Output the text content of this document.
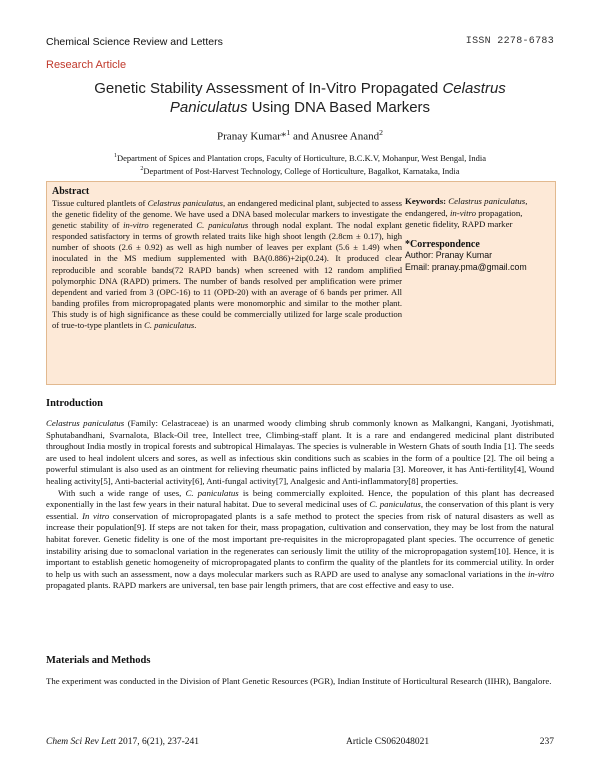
Chemical Science Review and Letters	ISSN 2278-6783
Research Article
Genetic Stability Assessment of In-Vitro Propagated Celastrus
Paniculatus Using DNA Based Markers
Pranay Kumar*$^1$ and Anusree Anand$^2$
$^1$Department of Spices and Plantation crops, Faculty of Horticulture, B.C.K.V, Mohanpur, West Bengal, India
$^2$Department of Post-Harvest Technology, College of Horticulture, Bagalkot, Karnataka, India
Abstract
Tissue cultured plantlets of Celastrus paniculatus, an endangered medicinal plant, subjected to assess the genetic fidelity of the genome. We have used a DNA based molecular markers to investigate the genetic stability of in-vitro regenerated C. paniculatus through nodal explant. The nodal explant responded satisfactory in terms of growth related traits like high shoot length (2.8cm ± 0.17), high number of shoots (2.6 ± 0.92) as well as high number of leaves per explant (5.6 ± 1.49) when inoculated in the MS medium supplemented with BA(0.886)+2ip(0.24). It produced clear reproducible and scorable bands(72 RAPD bands) when screened with 12 random amplified polymorphic DNA (RAPD) primers. The number of bands resolved per amplification were primer dependent and varied from 3 (OPC-16) to 11 (OPD-20) with an average of 6 bands per primer. All banding profiles from micropropagated plants were monomorphic and similar to the mother plant. This study is of high significance as these could be commercially utilized for large scale production of true-to-type plantlets in C. paniculatus.
Keywords: Celastrus paniculatus, endangered, in-vitro propagation, genetic fidelity, RAPD marker
*Correspondence
Author: Pranay Kumar
Email: pranay.pma@gmail.com
Introduction
Celastrus paniculatus (Family: Celastraceae) is an unarmed woody climbing shrub commonly known as Malkangni, Kangani, Jyotishmati, Sphutabandhani, Svarnalota, Black-Oil tree, Intellect tree, Climbing-staff plant. It is a rare and endangered medicinal plant distributed throughout India mostly in tropical forests and subtropical Himalayas. The species is vulnerable in Western Ghats of south India [1]. The seeds are used to heal indolent ulcers and sores, as well as infectious skin conditions such as scabies in the form of a poultice [2]. The oil being a powerful stimulant is also used as an ointment for relieving rheumatic pains inflicted by malaria [3]. Moreover, it has Anti-fertility[4], Wound healing activity[5], Anti-bacterial activity[6], Anti-fungal activity[7], Analgesic and Anti-inflammatory[8] properties.
With such a wide range of uses, C. paniculatus is being commercially exploited. Hence, the population of this plant has decreased exponentially in the last few years in their natural habitat. Due to several medicinal uses of C. paniculatus, the conservation of this plant is very essential. In vitro conservation of micropropagated plants is a safe method to protect the species from risk of natural disasters as well as increase their population[9]. If steps are not taken for their, mass propagation, cultivation and conservation, they may be lost from the natural habitat forever. Genetic fidelity is one of the most important pre-requisites in the micropropagated plant species. The occurrence of genetic instability arising due to somaclonal variation in the regenerates can seriously limit the utility of the micropropagation system[10]. Hence, it is important to establish genetic homogeneity of micropropagated plants to confirm the quality of the plantlets for its commercial utility. In order to help us with such an assessment, now a days molecular markers such as RAPD are used to analyse any somaclonal variations in the in-vitro propagated plants. RAPD markers are universal, ten base pair length primers, that are cost effective and easy to use.
Materials and Methods
The experiment was conducted in the Division of Plant Genetic Resources (PGR), Indian Institute of Horticultural Research (IIHR), Bangalore.
Chem Sci Rev Lett 2017, 6(21), 237-241	Article CS062048021	237
